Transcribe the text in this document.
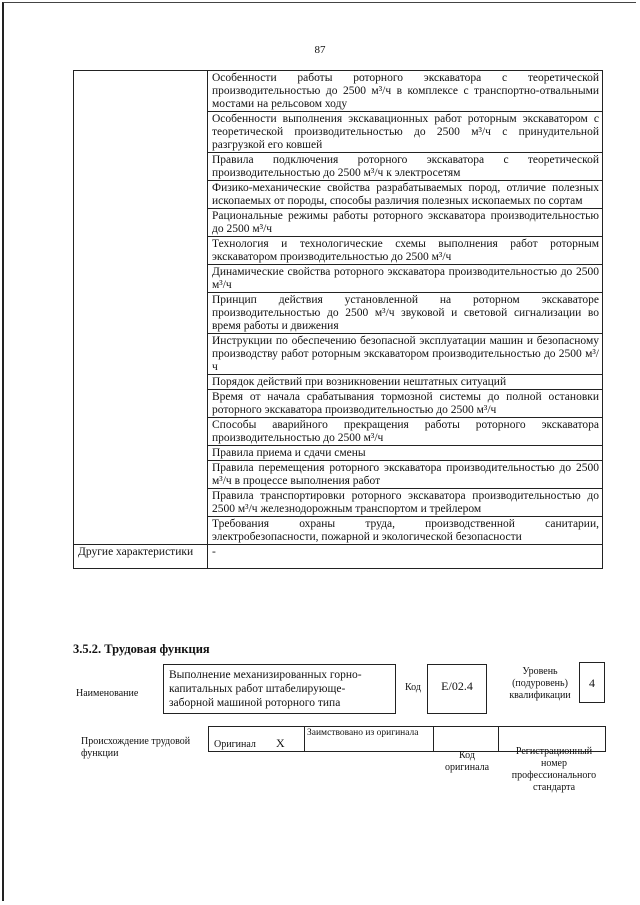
87
	Особенности работы роторного экскаватора с теоретической производительностью до 2500 м³/ч в комплексе с транспортно-отвальными мостами на рельсовом ходу
	Особенности выполнения экскавационных работ роторным экскаватором с теоретической производительностью до 2500 м³/ч с принудительной разгрузкой его ковшей
	Правила подключения роторного экскаватора с теоретической производительностью до 2500 м³/ч к электросетям
	Физико-механические свойства разрабатываемых пород, отличие полезных ископаемых от породы, способы различия полезных ископаемых по сортам
	Рациональные режимы работы роторного экскаватора производительностью до 2500 м³/ч
	Технология и технологические схемы выполнения работ роторным экскаватором производительностью до 2500 м³/ч
	Динамические свойства роторного экскаватора производительностью до 2500 м³/ч
	Принцип действия установленной на роторном экскаваторе производительностью до 2500 м³/ч звуковой и световой сигнализации во время работы и движения
	Инструкции по обеспечению безопасной эксплуатации машин и безопасному производству работ роторным экскаватором производительностью до 2500 м³/ч
	Порядок действий при возникновении нештатных ситуаций
	Время от начала срабатывания тормозной системы до полной остановки роторного экскаватора производительностью до 2500 м³/ч
	Способы аварийного прекращения работы роторного экскаватора производительностью до 2500 м³/ч
	Правила приема и сдачи смены
	Правила перемещения роторного экскаватора производительностью до 2500 м³/ч в процессе выполнения работ
	Правила транспортировки роторного экскаватора производительностью до 2500 м³/ч железнодорожным транспортом и трейлером
	Требования охраны труда, производственной санитарии, электробезопасности, пожарной и экологической безопасности
Другие характеристики	-
3.5.2. Трудовая функция
Наименование
Выполнение механизированных горно-капитальных работ штабелирующе-заборной машиной роторного типа
Код	E/02.4
Уровень (подуровень) квалификации
4
Происхождение трудовой функции
Оригинал X
Заимствовано из оригинала
Код оригинала
Регистрационный номер профессионального стандарта
